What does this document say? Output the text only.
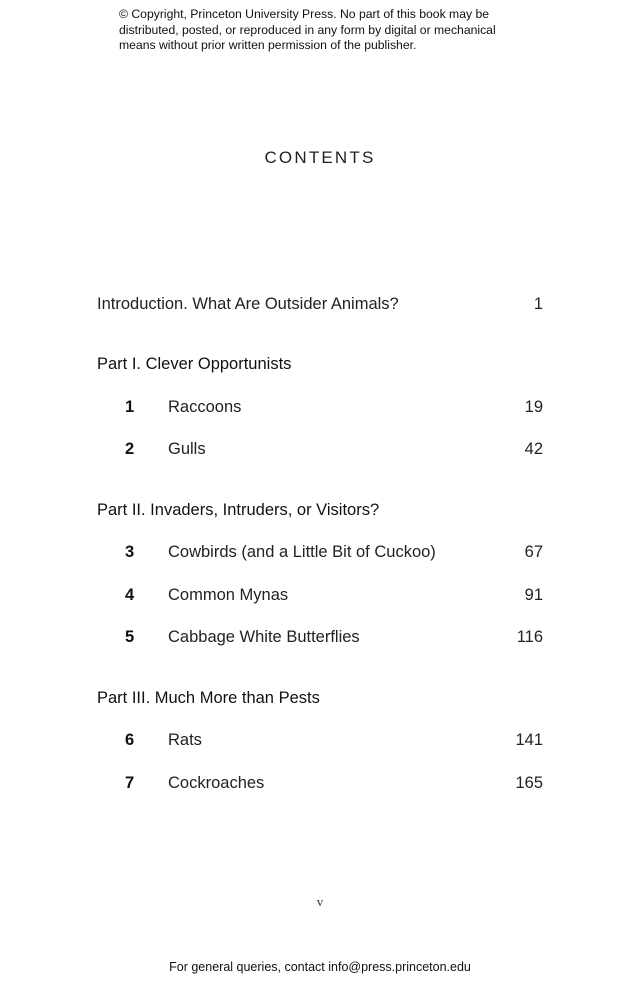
© Copyright, Princeton University Press. No part of this book may be
distributed, posted, or reproduced in any form by digital or mechanical
means without prior written permission of the publisher.
CONTENTS
Introduction. What Are Outsider Animals?	1
Part I. Clever Opportunists
1 Raccoons	19
2 Gulls	42
Part II. Invaders, Intruders, or Visitors?
3 Cowbirds (and a Little Bit of Cuckoo)	67
4 Common Mynas	91
5 Cabbage White Butterflies	116
Part III. Much More than Pests
6 Rats	141
7 Cockroaches	165
v
For general queries, contact info@press.princeton.edu
